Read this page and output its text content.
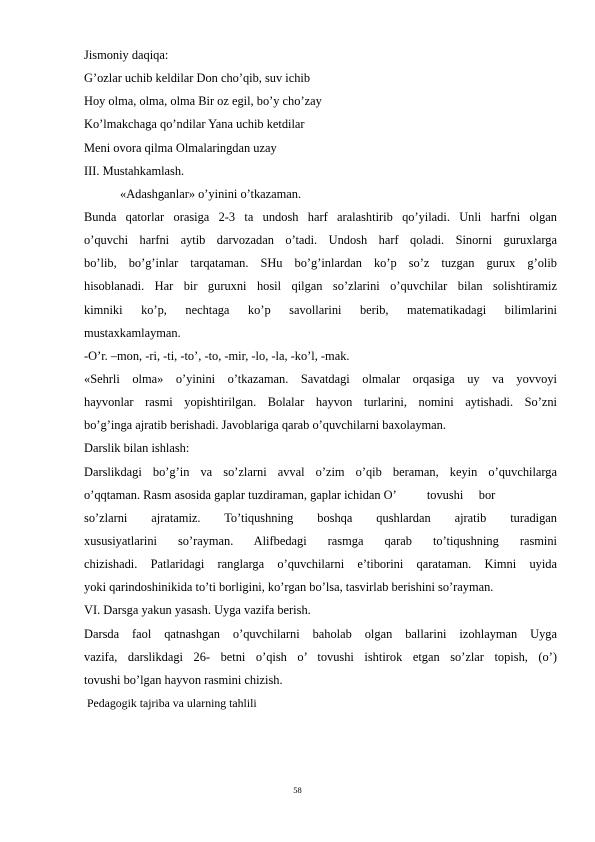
Jismoniy daqiqa:
G’ozlar uchib keldilar Don cho’qib, suv ichib
Hoy olma, olma, olma Bir oz egil, bo’y cho’zay
Ko’lmakchaga qo’ndilar Yana uchib ketdilar
Meni ovora qilma Olmalaringdan uzay
III. Mustahkamlash.
«Adashganlar» o’yinini o’tkazaman.
Bunda qatorlar orasiga 2-3 ta undosh harf aralashtirib qo’yiladi. Unli harfni olgan
o’quvchi harfni aytib darvozadan o’tadi. Undosh harf qoladi. Sinorni guruxlarga
bo’lib, bo’g’inlar tarqataman. SHu bo’g’inlardan ko’p so’z tuzgan gurux g’olib
hisoblanadi. Har bir guruxni hosil qilgan so’zlarini o’quvchilar bilan solishtiramiz
kimniki ko’p, nechtaga ko’p savollarini berib, matematikadagi bilimlarini
mustaxkamlayman.
-O’r. –mon, -ri, -ti, -to’, -to, -mir, -lo, -la, -ko’l, -mak.
«Sehrli olma» o’yinini o’tkazaman. Savatdagi olmalar orqasiga uy va yovvoyi
hayvonlar rasmi yopishtirilgan. Bolalar hayvon turlarini, nomini aytishadi. So’zni
bo’g’inga ajratib berishadi. Javoblariga qarab o’quvchilarni baxolayman.
Darslik bilan ishlash:
Darslikdagi bo’g’in va so’zlarni avval o’zim o’qib beraman, keyin o’quvchilarga
o’qqtaman. Rasm asosida gaplar tuzdiraman, gaplar ichidan O’          tovushi     bor
so’zlarni ajratamiz. To’tiqushning boshqa qushlardan ajratib turadigan
xususiyatlarini so’rayman. Alifbedagi rasmga qarab to’tiqushning rasmini
chizishadi. Patlaridagi ranglarga o’quvchilarni e’tiborini qarataman. Kimni uyida
yoki qarindoshinikida to’ti borligini, ko’rgan bo’lsa, tasvirlab berishini so’rayman.
VI. Darsga yakun yasash. Uyga vazifa berish.
Darsda faol qatnashgan o’quvchilarni baholab olgan ballarini izohlayman Uyga
vazifa, darslikdagi 26- betni o’qish o’ tovushi ishtirok etgan so’zlar topish, (o’)
tovushi bo’lgan hayvon rasmini chizish.
Pedagogik tajriba va ularning tahlili
58
